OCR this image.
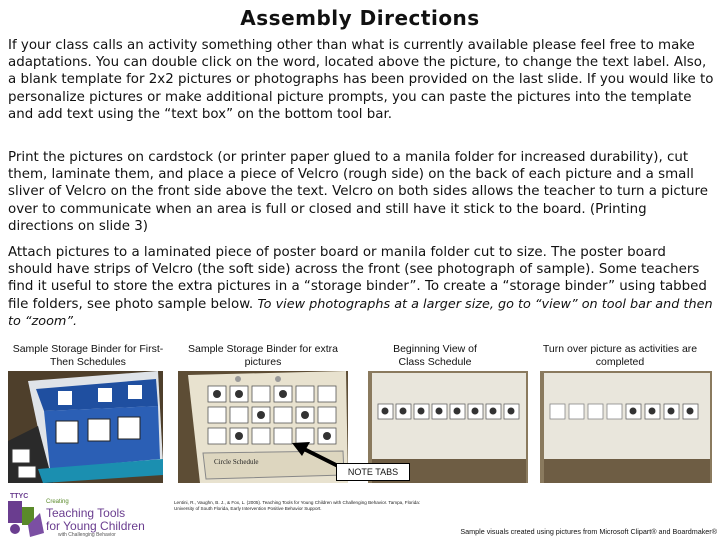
Assembly Directions

If your class calls an activity something other than what is currently available please feel free to make adaptations. You can double click on the word, located above the picture, to change the text label. Also, a blank template for 2x2 pictures or photographs has been provided on the last slide. If you would like to personalize pictures or make additional picture prompts, you can paste the pictures into the template and add text using the “text box” on the bottom tool bar.

Print the pictures on cardstock (or printer paper glued to a manila folder for increased durability), cut them, laminate them, and place a piece of Velcro (rough side) on the back of each picture and a small sliver of Velcro on the front side above the text. Velcro on both sides allows the teacher to turn a picture over to communicate when an area is full or closed and still have it stick to the board. (Printing directions on slide 3)

Attach pictures to a laminated piece of poster board or manila folder cut to size. The poster board should have strips of Velcro (the soft side) across the front (see photograph of sample). Some teachers find it useful to store the extra pictures in a “storage binder”. To create a “storage binder” using tabbed file folders, see photo sample below. To view photographs at a larger size, go to “view” on tool bar and then to “zoom”.

Sample Storage Binder for First-Then Schedules
Sample Storage Binder for extra pictures
Beginning View of Class Schedule
Turn over picture as activities are completed
Circle Schedule
NOTE TABS
TTYC
Creating
Teaching Tools
for Young Children
with Challenging Behavior
Lentini, R., Vaughn, B. J., & Fox, L. (2005). Teaching Tools for Young Children with Challenging Behavior. Tampa, Florida: University of South Florida, Early Intervention Positive Behavior Support.
Sample visuals created using pictures from Microsoft Clipart® and Boardmaker®
